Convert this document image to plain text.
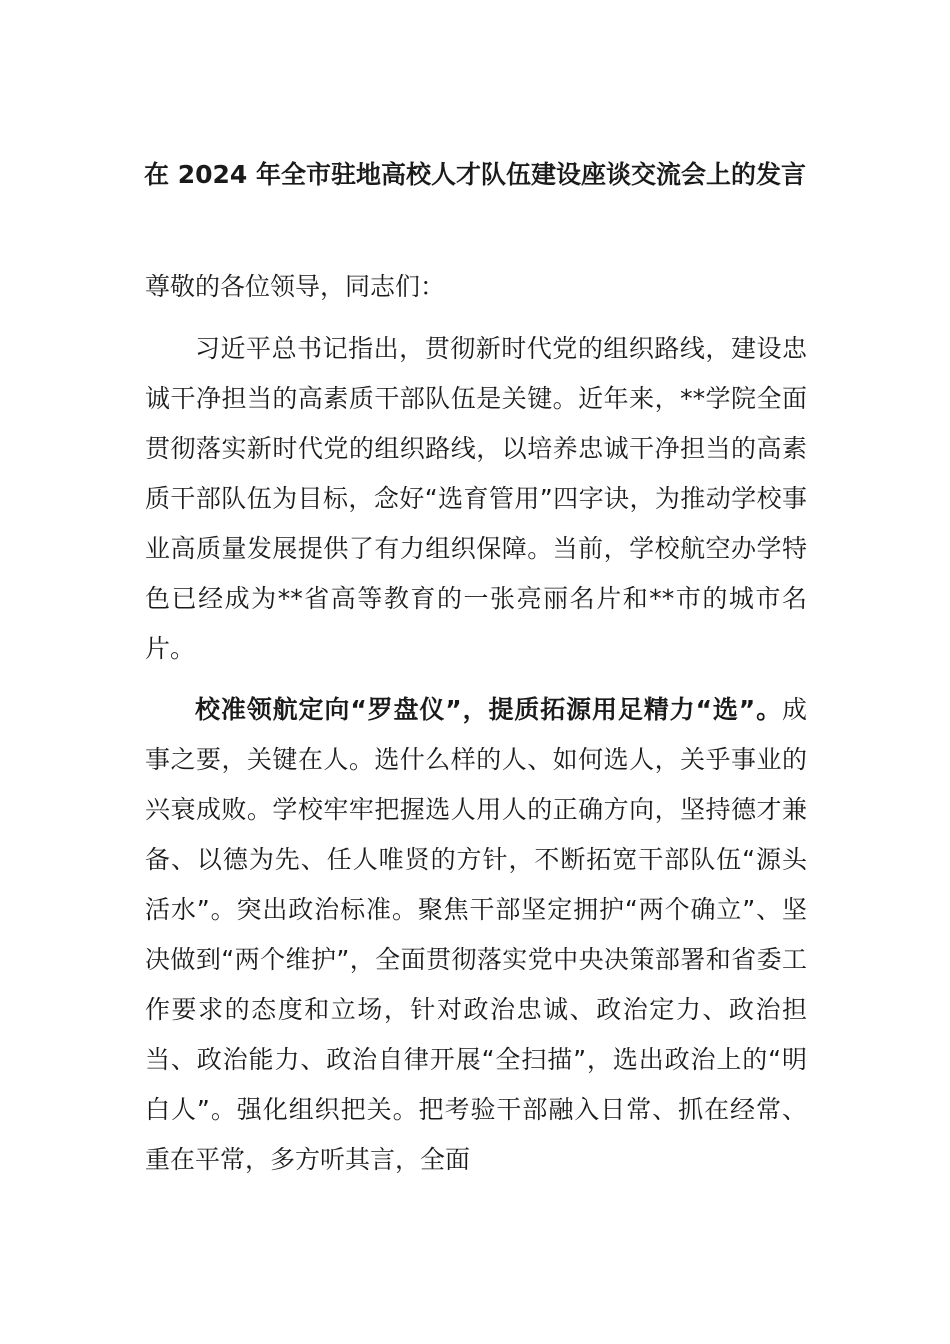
在 2024 年全市驻地高校人才队伍建设座谈交流会上的发言

尊敬的各位领导，同志们：

习近平总书记指出，贯彻新时代党的组织路线，建设忠诚干净担当的高素质干部队伍是关键。近年来，**学院全面贯彻落实新时代党的组织路线，以培养忠诚干净担当的高素质干部队伍为目标，念好“选育管用”四字诀，为推动学校事业高质量发展提供了有力组织保障。当前，学校航空办学特色已经成为**省高等教育的一张亮丽名片和**市的城市名片。

校准领航定向“罗盘仪”，提质拓源用足精力“选”。成事之要，关键在人。选什么样的人、如何选人，关乎事业的兴衰成败。学校牢牢把握选人用人的正确方向，坚持德才兼备、以德为先、任人唯贤的方针，不断拓宽干部队伍“源头活水”。突出政治标准。聚焦干部坚定拥护“两个确立”、坚决做到“两个维护”，全面贯彻落实党中央决策部署和省委工作要求的态度和立场，针对政治忠诚、政治定力、政治担当、政治能力、政治自律开展“全扫描”，选出政治上的“明白人”。强化组织把关。把考验干部融入日常、抓在经常、重在平常，多方听其言，全面
